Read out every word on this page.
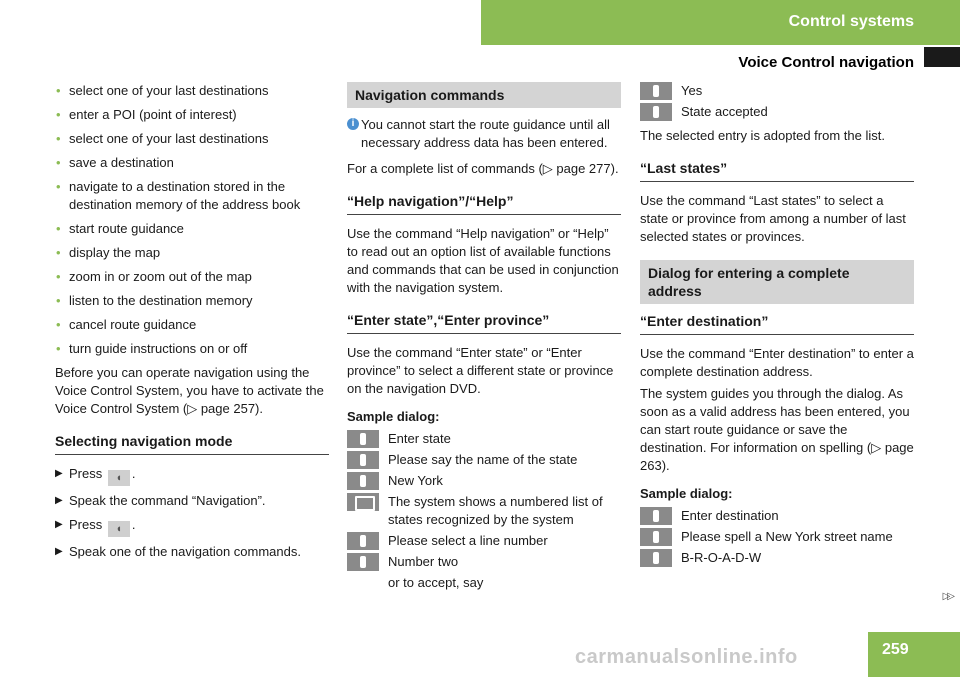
Control systems
Voice Control navigation
• select one of your last destinations
• enter a POI (point of interest)
• select one of your last destinations
• save a destination
• navigate to a destination stored in the destination memory of the address book
• start route guidance
• display the map
• zoom in or zoom out of the map
• listen to the destination memory
• cancel route guidance
• turn guide instructions on or off

Before you can operate navigation using the Voice Control System, you have to activate the Voice Control System (▷ page 257).

Selecting navigation mode
▶ Press ◖ .
▶ Speak the command “Navigation”.
▶ Press ◖ .
▶ Speak one of the navigation commands.
Navigation commands
i You cannot start the route guidance until all necessary address data has been entered.

For a complete list of commands (▷ page 277).

“Help navigation”/“Help”

Use the command “Help navigation” or “Help” to read out an option list of available functions and commands that can be used in conjunction with the navigation system.

“Enter state”,“Enter province”

Use the command “Enter state” or “Enter province” to select a different state or province on the navigation DVD.

Sample dialog:
Enter state
Please say the name of the state
New York
The system shows a numbered list of states recognized by the system
Please select a line number
Number two
or to accept, say
Yes
State accepted

The selected entry is adopted from the list.

“Last states”

Use the command “Last states” to select a state or province from among a number of last selected states or provinces.

Dialog for entering a complete address
“Enter destination”

Use the command “Enter destination” to enter a complete destination address.

The system guides you through the dialog. As soon as a valid address has been entered, you can start route guidance or save the destination. For information on spelling (▷ page 263).

Sample dialog:
Enter destination
Please spell a New York street name
B-R-O-A-D-W
▷▷
carmanualsonline.info	259
